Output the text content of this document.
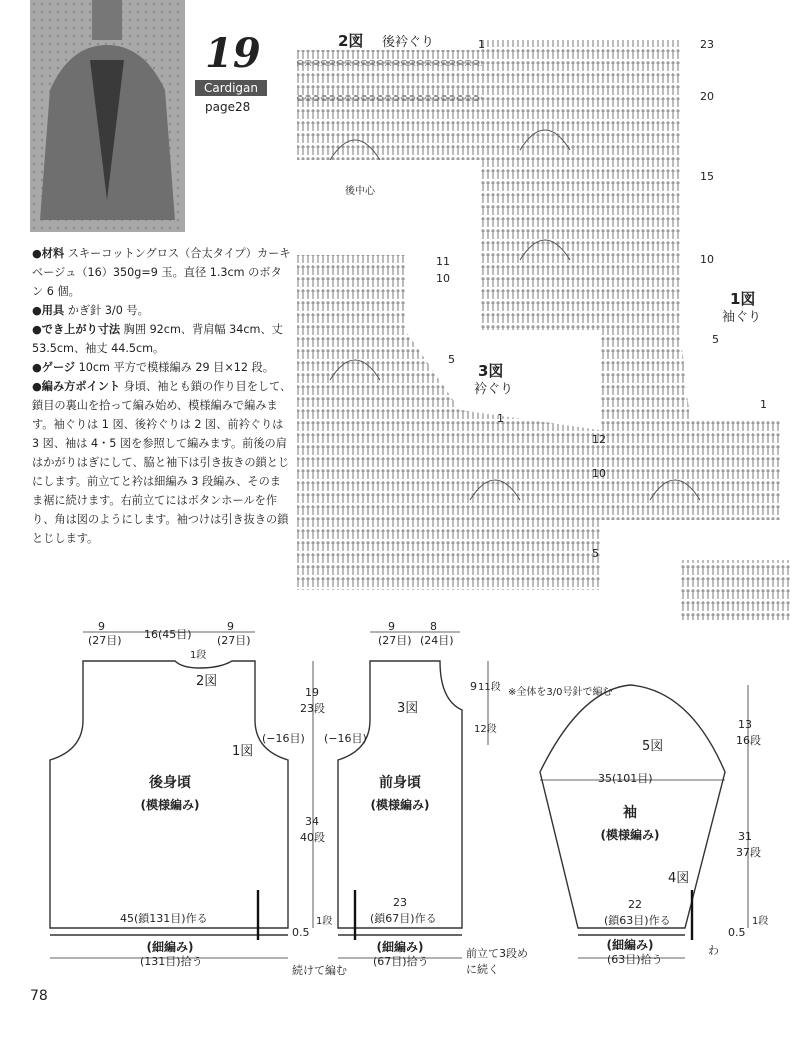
19
Cardigan
page28

●材料 スキーコットングロス（合太タイプ）カーキベージュ（16）350g=9 玉。直径 1.3cm のボタン 6 個。

●用具 かぎ針 3/0 号。

●でき上がり寸法 胸囲 92cm、背肩幅 34cm、丈 53.5cm、袖丈 44.5cm。

●ゲージ 10cm 平方で模様編み 29 目×12 段。

●編み方ポイント 身頃、袖とも鎖の作り目をして、鎖目の裏山を拾って編み始め、模様編みで編みます。袖ぐりは 1 図、後衿ぐりは 2 図、前衿ぐりは 3 図、袖は 4・5 図を参照して編みます。前後の肩はかがりはぎにして、脇と袖下は引き抜きの鎖とじにします。前立てと衿は細編み 3 段編み、そのまま裾に続けます。右前立てにはボタンホールを作り、角は図のようにします。袖つけは引き抜きの鎖とじします。

2図 後衿ぐり
後中心
23
20
15
10
1
11
10
5
3図
衿ぐり
1
12
10
5
1図
袖ぐり
5
1
9
(27目) 16(45目)
9
(27目)
1段
2図
1図
(−16目)
19
23段
34
40段
後身頃
(模様編み)
45(鎖131目)作る
(細編み)
(131目)拾う
0.5
1段
続けて編む
9
(27目)
8
(24目)
3図
(−16目)
9 11段
12段
前身頃
(模様編み)
23
(鎖67目)作る
(細編み)
(67目)拾う
前立て3段めに続く
※全体を3/0号針で編む
5図
35(101目)
13
16段
31
37段
袖
(模様編み)
4図
22
(鎖63目)作る
(細編み)
(63目)拾う
0.5
1段
わ
78
